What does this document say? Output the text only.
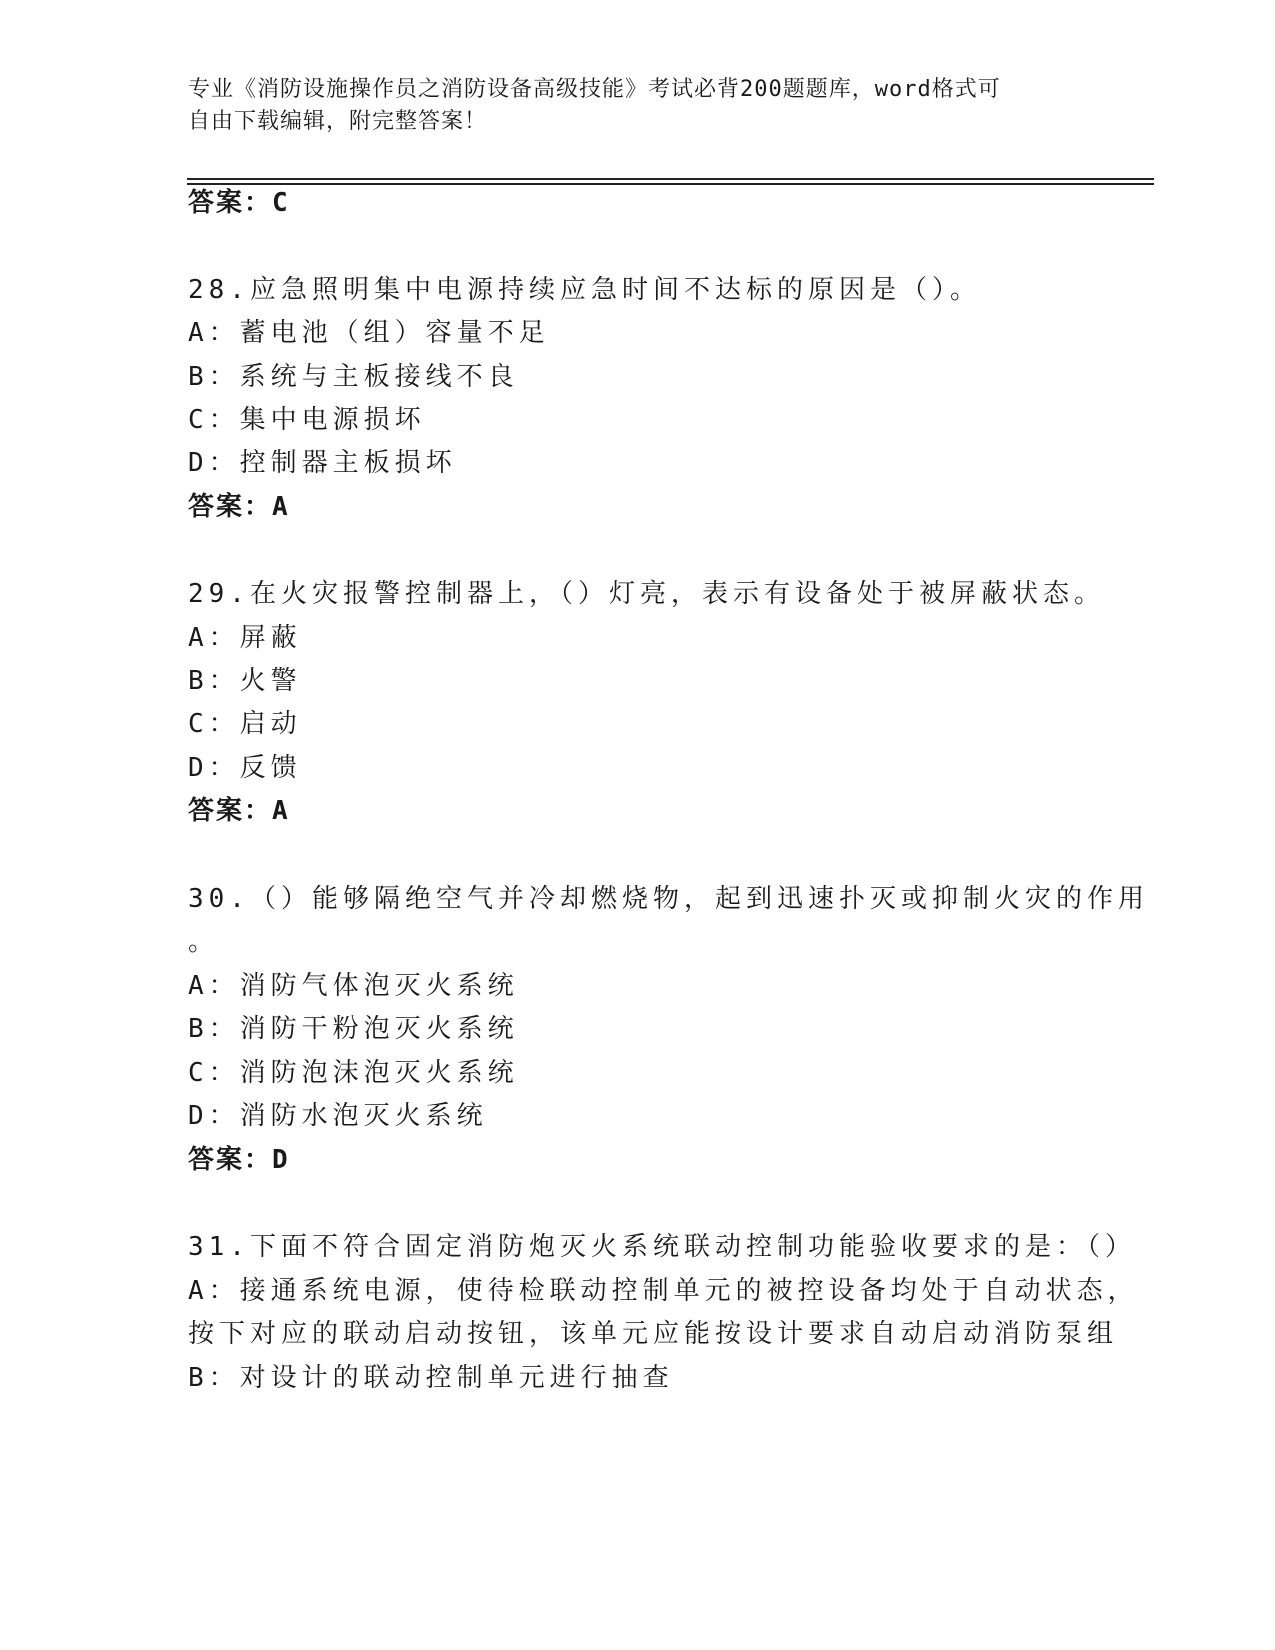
专业《消防设施操作员之消防设备高级技能》考试必背200题题库，word格式可
自由下载编辑，附完整答案！
答案：C
28.应急照明集中电源持续应急时间不达标的原因是（）。
A：蓄电池（组）容量不足
B：系统与主板接线不良
C：集中电源损坏
D：控制器主板损坏
答案：A
29.在火灾报警控制器上，（）灯亮，表示有设备处于被屏蔽状态。
A：屏蔽
B：火警
C：启动
D：反馈
答案：A
30.（）能够隔绝空气并冷却燃烧物，起到迅速扑灭或抑制火灾的作用
。
A：消防气体泡灭火系统
B：消防干粉泡灭火系统
C：消防泡沫泡灭火系统
D：消防水泡灭火系统
答案：D
31.下面不符合固定消防炮灭火系统联动控制功能验收要求的是：（）
A：接通系统电源，使待检联动控制单元的被控设备均处于自动状态，
按下对应的联动启动按钮，该单元应能按设计要求自动启动消防泵组
B：对设计的联动控制单元进行抽查
